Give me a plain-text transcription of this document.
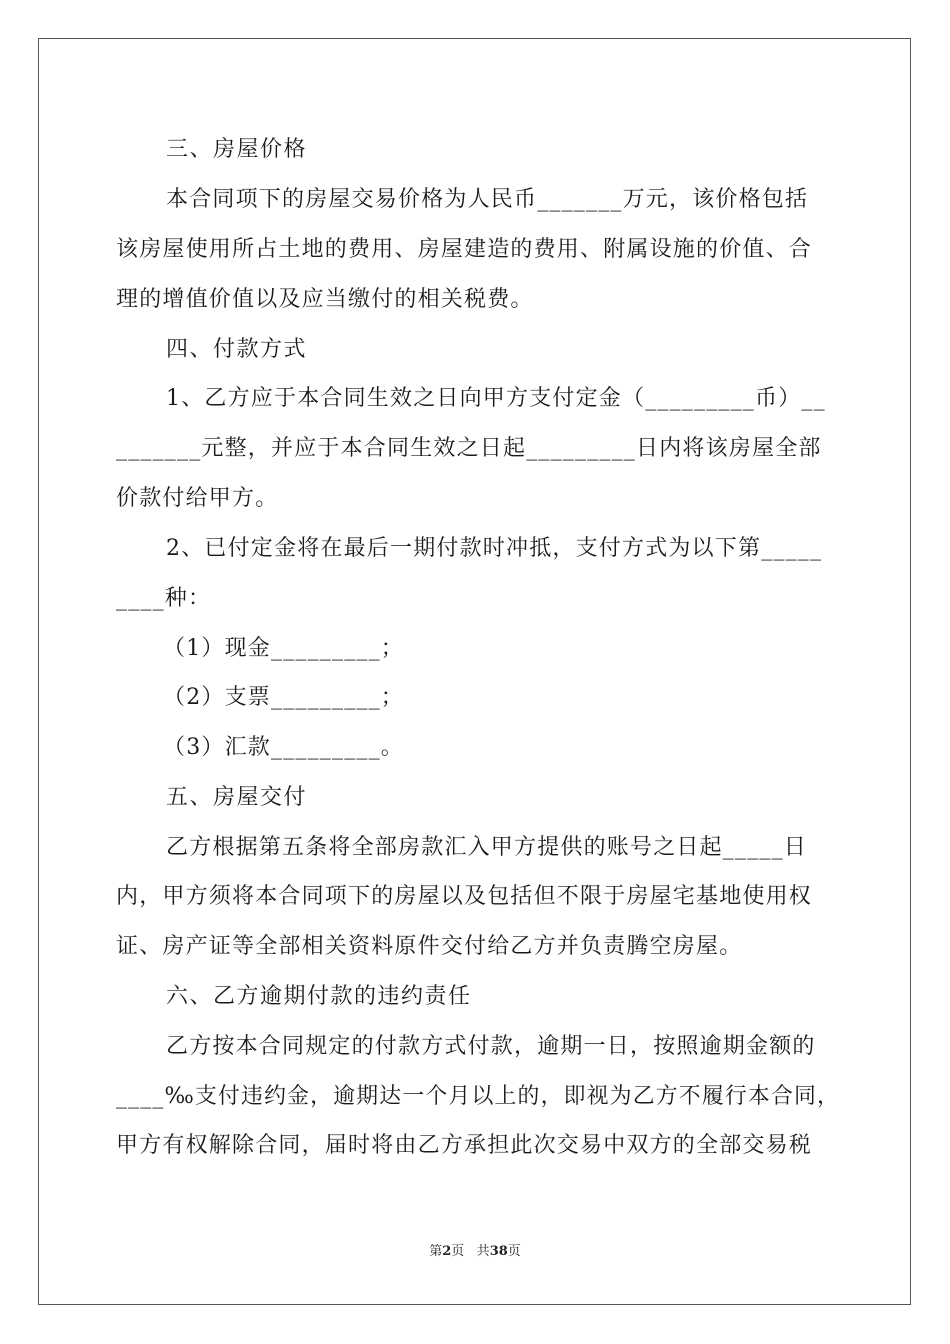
三、房屋价格
本合同项下的房屋交易价格为人民币_______万元，该价格包括
该房屋使用所占土地的费用、房屋建造的费用、附属设施的价值、合
理的增值价值以及应当缴付的相关税费。
四、付款方式
1、乙方应于本合同生效之日向甲方支付定金（_________币）__
_______元整，并应于本合同生效之日起_________日内将该房屋全部
价款付给甲方。
2、已付定金将在最后一期付款时冲抵，支付方式为以下第_____
____种：
（1）现金_________；
（2）支票_________；
（3）汇款_________。
五、房屋交付
乙方根据第五条将全部房款汇入甲方提供的账号之日起_____日
内，甲方须将本合同项下的房屋以及包括但不限于房屋宅基地使用权
证、房产证等全部相关资料原件交付给乙方并负责腾空房屋。
六、乙方逾期付款的违约责任
乙方按本合同规定的付款方式付款，逾期一日，按照逾期金额的
____‰支付违约金，逾期达一个月以上的，即视为乙方不履行本合同，
甲方有权解除合同，届时将由乙方承担此次交易中双方的全部交易税
第2页 共38页
